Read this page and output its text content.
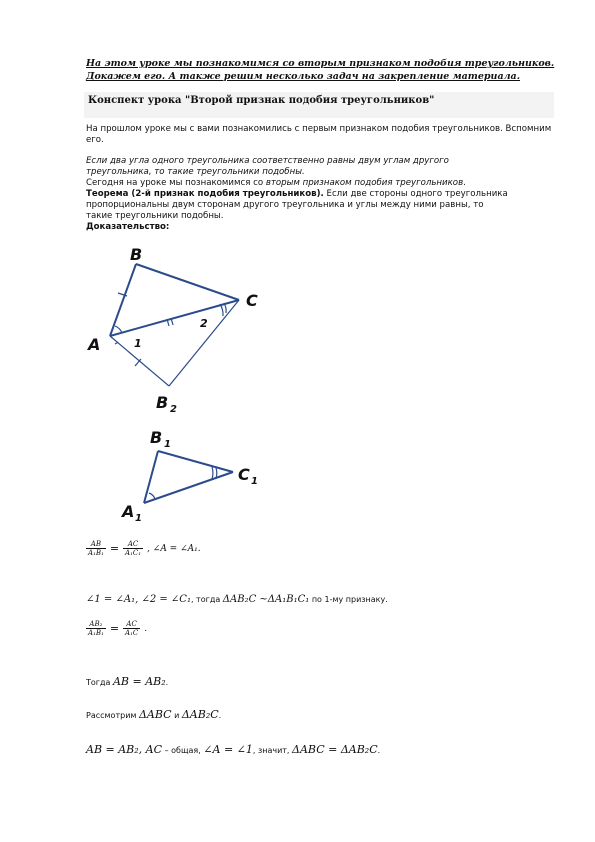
На этом уроке мы познакомимся со вторым признаком подобия треугольников. Докажем его. А также решим несколько задач на закрепление материала.
Конспект урока "Второй признак подобия треугольников"
На прошлом уроке мы с вами познакомились с первым признаком подобия треугольников. Вспомним его.
Если два угла одного треугольника соответственно равны двум углам другого
треугольника, то такие треугольники подобны.
Сегодня на уроке мы познакомимся со вторым признаком подобия треугольников.
Теорема (2-й признак подобия треугольников). Если две стороны одного треугольника
пропорциональны двум сторонам другого треугольника и углы между ними равны, то
такие треугольники подобны.
Доказательство:
B
C
A
B 2
1
2
B 1
C 1
A 1
$\frac{AB}{\text{A₁B₁}} = \frac{AC}{\text{A₁C₁}}$ , ∠A = ∠A₁.
∠1 = ∠A₁, ∠2 = ∠C₁, тогда ΔAB₂C ~ΔA₁B₁C₁ по 1-му признаку.
$\frac{\text{AB₂}}{\text{A₁B₁}} = \frac{AC}{\text{A₁C}}$ .
Тогда AB = AB₂.
Рассмотрим ΔABC и ΔAB₂C.
AB = AB₂, AC – общая, ∠A = ∠1, значит, ΔABC = ΔAB₂C.
